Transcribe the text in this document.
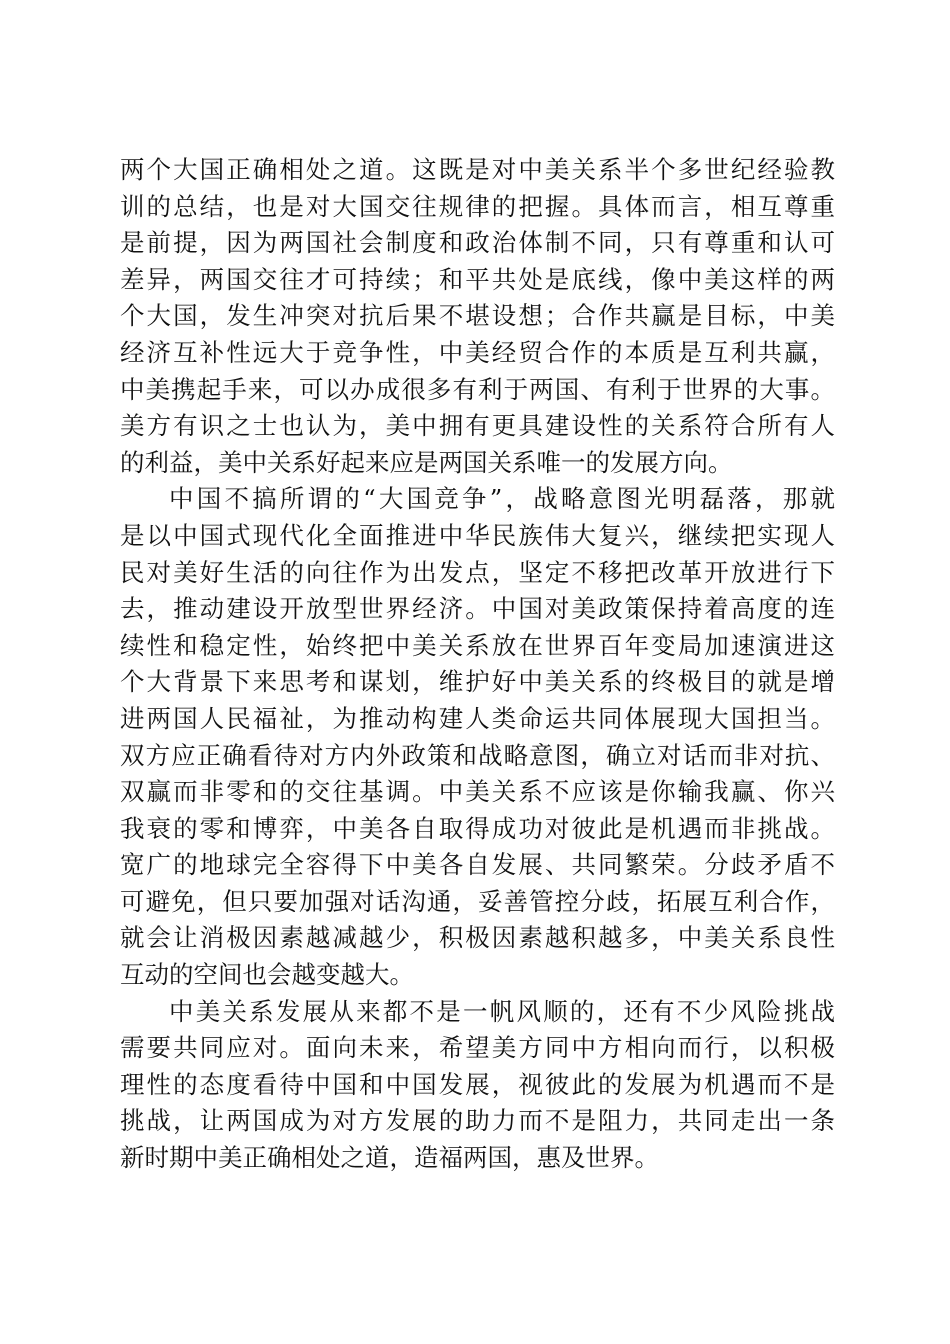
两个大国正确相处之道。这既是对中美关系半个多世纪经验教
训的总结，也是对大国交往规律的把握。具体而言，相互尊重
是前提，因为两国社会制度和政治体制不同，只有尊重和认可
差异，两国交往才可持续；和平共处是底线，像中美这样的两
个大国，发生冲突对抗后果不堪设想；合作共赢是目标，中美
经济互补性远大于竞争性，中美经贸合作的本质是互利共赢，
中美携起手来，可以办成很多有利于两国、有利于世界的大事。
美方有识之士也认为，美中拥有更具建设性的关系符合所有人
的利益，美中关系好起来应是两国关系唯一的发展方向。
中国不搞所谓的“大国竞争”，战略意图光明磊落，那就
是以中国式现代化全面推进中华民族伟大复兴，继续把实现人
民对美好生活的向往作为出发点，坚定不移把改革开放进行下
去，推动建设开放型世界经济。中国对美政策保持着高度的连
续性和稳定性，始终把中美关系放在世界百年变局加速演进这
个大背景下来思考和谋划，维护好中美关系的终极目的就是增
进两国人民福祉，为推动构建人类命运共同体展现大国担当。
双方应正确看待对方内外政策和战略意图，确立对话而非对抗、
双赢而非零和的交往基调。中美关系不应该是你输我赢、你兴
我衰的零和博弈，中美各自取得成功对彼此是机遇而非挑战。
宽广的地球完全容得下中美各自发展、共同繁荣。分歧矛盾不
可避免，但只要加强对话沟通，妥善管控分歧，拓展互利合作，
就会让消极因素越减越少，积极因素越积越多，中美关系良性
互动的空间也会越变越大。
中美关系发展从来都不是一帆风顺的，还有不少风险挑战
需要共同应对。面向未来，希望美方同中方相向而行，以积极
理性的态度看待中国和中国发展，视彼此的发展为机遇而不是
挑战，让两国成为对方发展的助力而不是阻力，共同走出一条
新时期中美正确相处之道，造福两国，惠及世界。
